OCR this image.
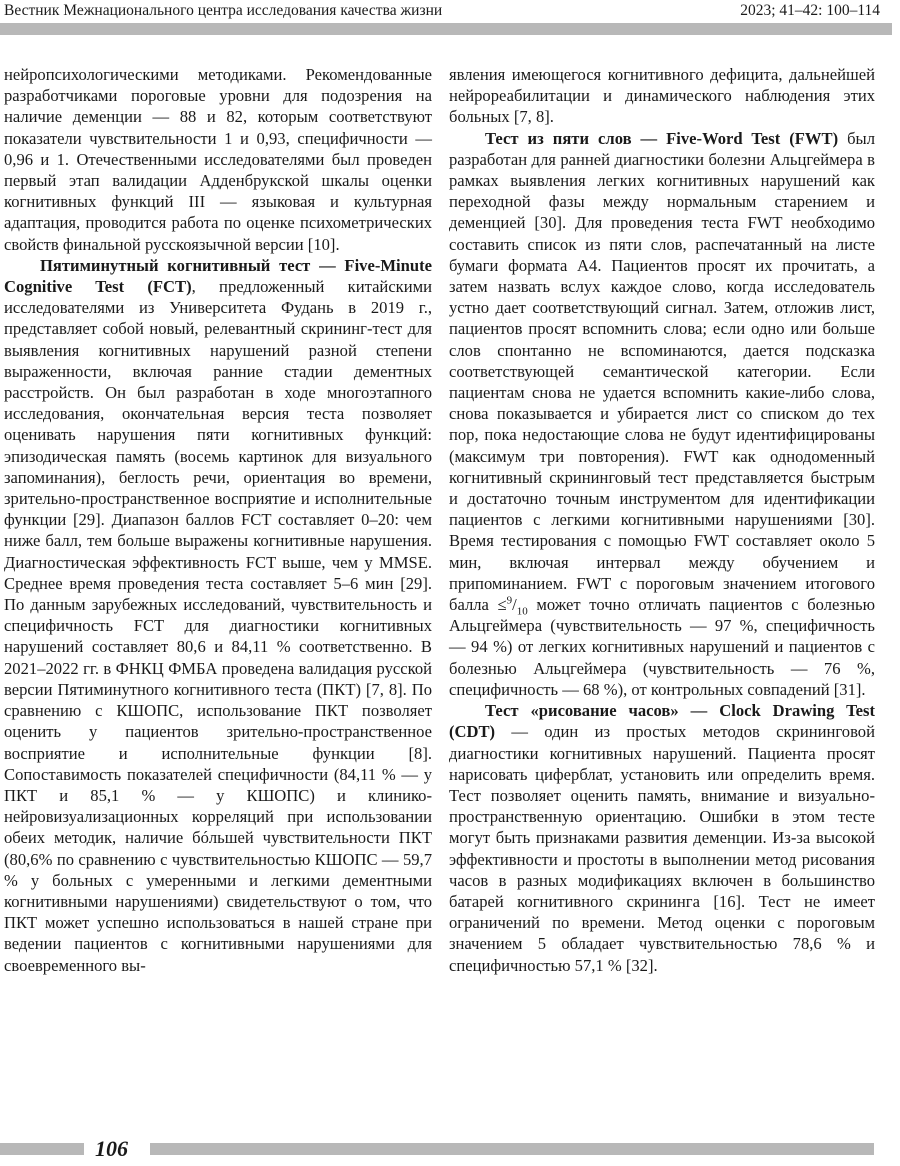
Вестник Межнационального центра исследования качества жизни	2023; 41–42: 100–114

нейропсихологическими методиками. Рекомендованные разработчиками пороговые уровни для подозрения на наличие деменции — 88 и 82, которым соответствуют показатели чувствительности 1 и 0,93, специфичности — 0,96 и 1. Отечественными исследователями был проведен первый этап валидации Адденбрукской шкалы оценки когнитивных функций III — языковая и культурная адаптация, проводится работа по оценке психометрических свойств финальной русскоязычной версии [10].

Пятиминутный когнитивный тест — Five-Minute Cognitive Test (FCT), предложенный китайскими исследователями из Университета Фудань в 2019 г., представляет собой новый, релевантный скрининг-тест для выявления когнитивных нарушений разной степени выраженности, включая ранние стадии дементных расстройств. Он был разработан в ходе многоэтапного исследования, окончательная версия теста позволяет оценивать нарушения пяти когнитивных функций: эпизодическая память (восемь картинок для визуального запоминания), беглость речи, ориентация во времени, зрительно-пространственное восприятие и исполнительные функции [29]. Диапазон баллов FCT составляет 0–20: чем ниже балл, тем больше выражены когнитивные нарушения. Диагностическая эффективность FCT выше, чем у MMSE. Среднее время проведения теста составляет 5–6 мин [29]. По данным зарубежных исследований, чувствительность и специфичность FCT для диагностики когнитивных нарушений составляет 80,6 и 84,11 % соответственно. В 2021–2022 гг. в ФНКЦ ФМБА проведена валидация русской версии Пятиминутного когнитивного теста (ПКТ) [7, 8]. По сравнению с КШОПС, использование ПКТ позволяет оценить у пациентов зрительно-пространственное восприятие и исполнительные функции [8]. Сопоставимость показателей специфичности (84,11 % — у ПКТ и 85,1 % — у КШОПС) и клинико-нейровизуализационных корреляций при использовании обеих методик, наличие бóльшей чувствительности ПКТ (80,6% по сравнению с чувствительностью КШОПС — 59,7 % у больных с умеренными и легкими дементными когнитивными нарушениями) свидетельствуют о том, что ПКТ может успешно использоваться в нашей стране при ведении пациентов с когнитивными нарушениями для своевременного вы-

явления имеющегося когнитивного дефицита, дальнейшей нейрореабилитации и динамического наблюдения этих больных [7, 8].

Тест из пяти слов — Five-Word Test (FWT) был разработан для ранней диагностики болезни Альцгеймера в рамках выявления легких когнитивных нарушений как переходной фазы между нормальным старением и деменцией [30]. Для проведения теста FWT необходимо составить список из пяти слов, распечатанный на листе бумаги формата А4. Пациентов просят их прочитать, а затем назвать вслух каждое слово, когда исследователь устно дает соответствующий сигнал. Затем, отложив лист, пациентов просят вспомнить слова; если одно или больше слов спонтанно не вспоминаются, дается подсказка соответствующей семантической категории. Если пациентам снова не удается вспомнить какие-либо слова, снова показывается и убирается лист со списком до тех пор, пока недостающие слова не будут идентифицированы (максимум три повторения). FWT как однодоменный когнитивный скрининговый тест представляется быстрым и достаточно точным инструментом для идентификации пациентов с легкими когнитивными нарушениями [30]. Время тестирования с помощью FWT составляет около 5 мин, включая интервал между обучением и припоминанием. FWT с пороговым значением итогового балла $\le^9/_{10}$ может точно отличать пациентов с болезнью Альцгеймера (чувствительность — 97 %, специфичность — 94 %) от легких когнитивных нарушений и пациентов с болезнью Альцгеймера (чувствительность — 76 %, специфичность — 68 %), от контрольных совпадений [31].

Тест «рисование часов» — Clock Drawing Test (CDT) — один из простых методов скрининговой диагностики когнитивных нарушений. Пациента просят нарисовать циферблат, установить или определить время. Тест позволяет оценить память, внимание и визуально-пространственную ориентацию. Ошибки в этом тесте могут быть признаками развития деменции. Из-за высокой эффективности и простоты в выполнении метод рисования часов в разных модификациях включен в большинство батарей когнитивного скрининга [16]. Тест не имеет ограничений по времени. Метод оценки с пороговым значением 5 обладает чувствительностью 78,6 % и специфичностью 57,1 % [32].

106
